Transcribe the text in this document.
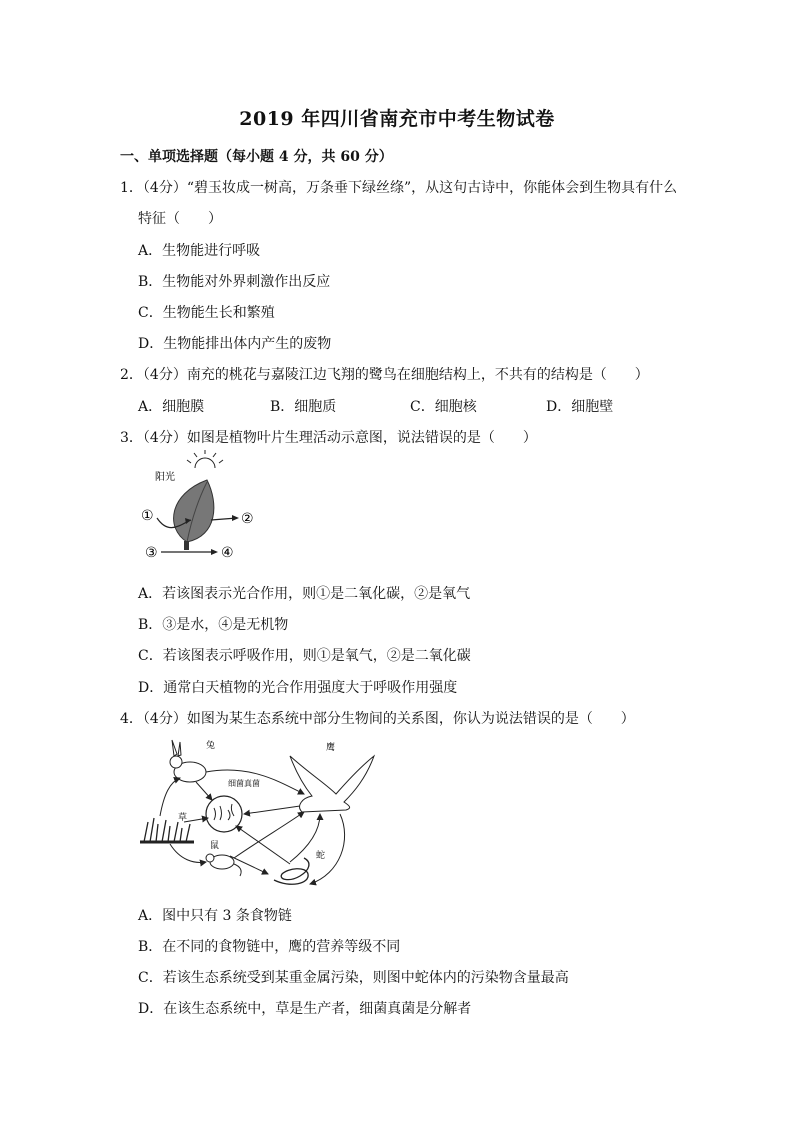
2019 年四川省南充市中考生物试卷
一、单项选择题（每小题 4 分，共 60 分）
1．（4分）“碧玉妆成一树高，万条垂下绿丝绦”，从这句古诗中，你能体会到生物具有什么
特征（　　）
A．生物能进行呼吸
B．生物能对外界刺激作出反应
C．生物能生长和繁殖
D．生物能排出体内产生的废物
2．（4分）南充的桃花与嘉陵江边飞翔的鹭鸟在细胞结构上，不共有的结构是（　　）
A．细胞膜	B．细胞质	C．细胞核	D．细胞壁
3．（4分）如图是植物叶片生理活动示意图，说法错误的是（　　）
阳光
①	②
③	④
A．若该图表示光合作用，则①是二氧化碳，②是氧气
B．③是水，④是无机物
C．若该图表示呼吸作用，则①是氧气，②是二氧化碳
D．通常白天植物的光合作用强度大于呼吸作用强度
4．（4分）如图为某生态系统中部分生物间的关系图，你认为说法错误的是（　　）
兔	鹰
细菌真菌
草
鼠
蛇
A．图中只有 3 条食物链
B．在不同的食物链中，鹰的营养等级不同
C．若该生态系统受到某重金属污染，则图中蛇体内的污染物含量最高
D．在该生态系统中，草是生产者，细菌真菌是分解者
